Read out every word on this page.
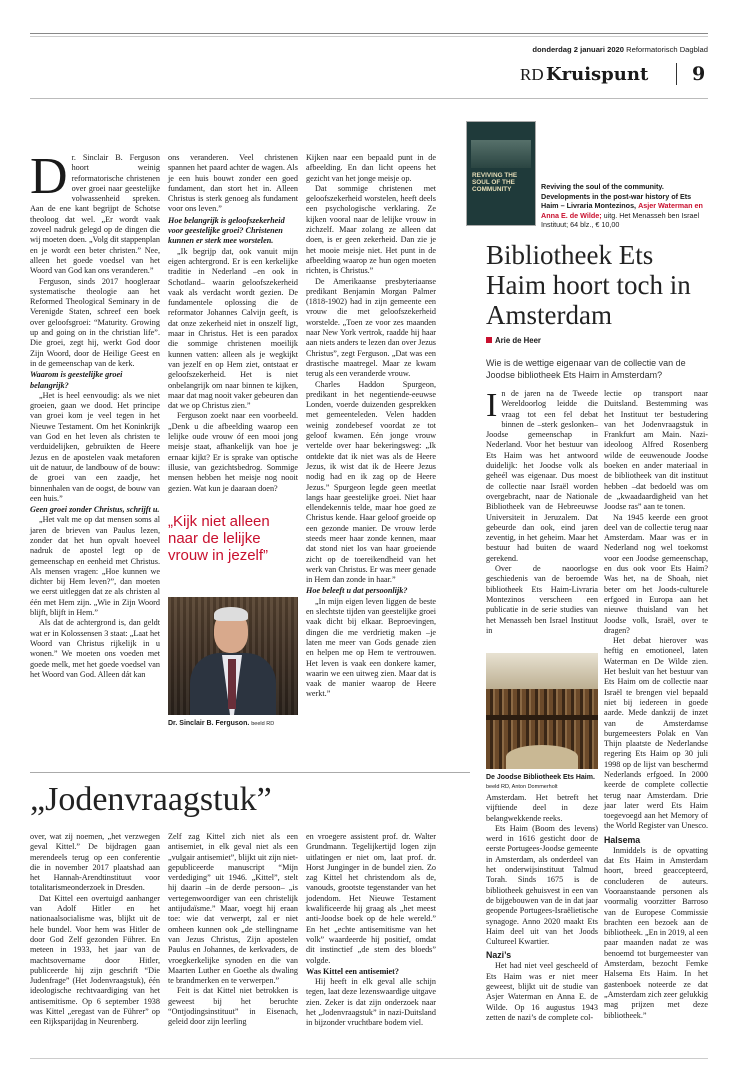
donderdag 2 januari 2020 Reformatorisch Dagblad
RD Kruispunt 9
D r. Sinclair B. Ferguson hoort weinig reformatorische christenen over groei naar geestelijke volwassenheid spreken. Aan de ene kant begrijpt de Schotse theoloog dat wel. „Er wordt vaak zoveel nadruk gelegd op de dingen die wij moeten doen. „Volg dit stappenplan en je wordt een beter christen.” Nee, alleen het goede voedsel van het Woord van God kan ons veranderen.”

Ferguson, sinds 2017 hoogleraar systematische theologie aan het Reformed Theological Seminary in de Verenigde Staten, schreef een boek over geloofsgroei: “Maturity. Growing up and going on in the christian life”. Die groei, zegt hij, werkt God door Zijn Woord, door de Heilige Geest en in de gemeenschap van de kerk.

Waarom is geestelijke groei belangrijk?

„Het is heel eenvoudig: als we niet groeien, gaan we dood. Het principe van groei kom je veel tegen in het Nieuwe Testament. Om het Koninkrijk van God en het leven als christen te verduidelijken, gebruikten de Heere Jezus en de apostelen vaak metaforen uit de natuur, de landbouw of de bouw: de groei van een zaadje, het binnenhalen van de oogst, de bouw van een huis.”

Geen groei zonder Christus, schrijft u.

„Het valt me op dat mensen soms al jaren de brieven van Paulus lezen, zonder dat het hun opvalt hoeveel nadruk de apostel legt op de gemeenschap en eenheid met Christus. Als mensen vragen: „Hoe kunnen we dichter bij Hem leven?”, dan moeten we eerst uitleggen dat ze als christen al één met Hem zijn. „Wie in Zijn Woord blijft, blijft in Hem.”

Als dat de achtergrond is, dan geldt wat er in Kolossensen 3 staat: „Laat het Woord van Christus rijkelijk in u wonen.” We moeten ons voeden met goede melk, met het goede voedsel van het Woord van God. Alleen dát kan

ons veranderen. Veel christenen spannen het paard achter de wagen. Als je een huis bouwt zonder een goed fundament, dan stort het in. Alleen Christus is sterk genoeg als fundament voor ons leven.”

Hoe belangrijk is geloofszekerheid voor geestelijke groei? Christenen kunnen er sterk mee worstelen.

„Ik begrijp dat, ook vanuit mijn eigen achtergrond. Er is een kerkelijke traditie in Nederland –en ook in Schotland– waarin geloofszekerheid vaak als verdacht wordt gezien. De fundamentele oplossing die de reformator Johannes Calvijn geeft, is dat onze zekerheid niet in onszelf ligt, maar in Christus. Het is een paradox die sommige christenen moeilijk kunnen vatten: alleen als je wegkijkt van jezelf en op Hem ziet, ontstaat er geloofszekerheid. Het is niet onbelangrijk om naar binnen te kijken, maar dat mag nooit vaker gebeuren dan dat we op Christus zien.”

Ferguson zoekt naar een voorbeeld. „Denk u die afbeelding waarop een lelijke oude vrouw óf een mooi jong meisje staat, afhankelijk van hoe je ernaar kijkt? Er is sprake van optische illusie, van gezichtsbedrog. Sommige mensen hebben het meisje nog nooit gezien. Wat kun je daaraan doen?

„Kijk niet alleen naar de lelijke vrouw in jezelf”
Dr. Sinclair B. Ferguson. beeld RD

Kijken naar een bepaald punt in de afbeelding. En dan licht opeens het gezicht van het jonge meisje op.

Dat sommige christenen met geloofszekerheid worstelen, heeft deels een psychologische verklaring. Ze kijken vooral naar de lelijke vrouw in zichzelf. Maar zolang ze alleen dat doen, is er geen zekerheid. Dan zie je het mooie meisje niet. Het punt in de afbeelding waarop ze hun ogen moeten richten, is Christus.”

De Amerikaanse presbyteriaanse predikant Benjamin Morgan Palmer (1818-1902) had in zijn gemeente een vrouw die met geloofszekerheid worstelde. „Toen ze voor zes maanden naar New York vertrok, raadde hij haar aan niets anders te lezen dan over Jezus Christus”, zegt Ferguson. „Dat was een drastische maatregel. Maar ze kwam terug als een veranderde vrouw.

Charles Haddon Spurgeon, predikant in het negentiende-eeuwse Londen, voerde duizenden gesprekken met gemeenteleden. Velen hadden weinig zondebesef voordat ze tot geloof kwamen. Eén jonge vrouw vertelde over haar bekeringsweg: „Ik ontdekte dat ik niet was als de Heere Jezus, ik wist dat ik de Heere Jezus nodig had en ik zag op de Heere Jezus.” Spurgeon legde geen meetlat langs haar geestelijke groei. Niet haar ellendekennis telde, maar hoe goed ze Christus kende. Haar geloof groeide op een gezonde manier. De vrouw lerde steeds meer haar zonde kennen, maar dat stond niet los van haar groeiende zicht op de toereikendheid van het werk van Christus. Er was meer genade in Hem dan zonde in haar.”

Hoe beleeft u dat persoonlijk?

„In mijn eigen leven liggen de beste en slechtste tijden van geestelijke groei vaak dicht bij elkaar. Beproevingen, dingen die me verdrietig maken –je laten me meer van Gods genade zien en helpen me op Hem te vertrouwen. Het leven is vaak een donkere kamer, waarin we een uitweg zien. Maar dat is vaak de manier waarop de Heere werkt.”

REVIVING THE SOUL OF THE COMMUNITY	Reviving the soul of the community. Developments in the post-war history of Ets Haim – Livraria Montezinos, Asjer Waterman en Anna E. de Wilde; uitg. Het Menasseh ben Israel Instituut; 64 blz., € 10,00
Bibliotheek Ets Haim hoort toch in Amsterdam
Arie de Heer
Wie is de wettige eigenaar van de collectie van de Joodse bibliotheek Ets Haim in Amsterdam?
I n de jaren na de Tweede Wereldoorlog leidde die vraag tot een fel debat binnen de –sterk geslonken– Joodse gemeenschap in Nederland. Voor het bestuur van Ets Haim was het antwoord duidelijk: het Joodse volk als geheél was eigenaar. Dus moest de collectie naar Israël worden overgebracht, naar de Nationale Bibliotheek van de Hebreeuwse Universiteit in Jeruzalem. Dat gebeurde dan ook, eind jaren zeventig, in het geheim. Maar het bestuur had buiten de waard gerekend.

Over de naoorlogse geschiedenis van de beroemde bibliotheek Ets Haim-Livraria Montezinos verscheen een publicatie in de serie studies van het Menasseh ben Israel Instituut in

De Joodse Bibliotheek Ets Haim. beeld RD, Anton Dommerholt

Amsterdam. Het betreft het vijftiende deel in deze belangwekkende reeks.

Ets Haim (Boom des levens) werd in 1616 gesticht door de eerste Portugees-Joodse gemeente in Amsterdam, als onderdeel van het onderwijsinstituut Talmud Torah. Sinds 1675 is de bibliotheek gehuisvest in een van de bijgebouwen van de in dat jaar geopende Portugees-Israëlietische synagoge. Anno 2020 maakt Ets Haim deel uit van het Joods Cultureel Kwartier.

Nazi’s

Het had niet veel gescheeld of Ets Haim was er niet meer geweest, blijkt uit de studie van Asjer Waterman en Anna E. de Wilde. Op 16 augustus 1943 zetten de nazi’s de complete col-

lectie op transport naar Duitsland. Bestemming was het Instituut ter bestudering van het Jodenvraagstuk in Frankfurt am Main. Nazi-ideoloog Alfred Rosenberg wilde de eeuwenoude Joodse boeken en ander materiaal in de bibliotheek van dit instituut hebben –dat bedoeld was om de „kwaadaardigheid van het Joodse ras” aan te tonen.

Na 1945 keerde een groot deel van de collectie terug naar Amsterdam. Maar was er in Nederland nog wel toekomst voor een Joodse gemeenschap, en dus ook voor Ets Haim? Was het, na de Shoah, niet beter om het Joods-culturele erfgoed in Europa aan het nieuwe thuisland van het Joodse volk, Israël, over te dragen?

Het debat hierover was heftig en emotioneel, laten Waterman en De Wilde zien. Het besluit van het bestuur van Ets Haim om de collectie naar Israël te brengen viel bepaald niet bij iedereen in goede aarde. Mede dankzij de inzet van de Amsterdamse burgemeesters Polak en Van Thijn plaatste de Nederlandse regering Ets Haim op 30 juli 1998 op de lijst van beschermd Nederlands erfgoed. In 2000 keerde de complete collectie terug naar Amsterdam. Drie jaar later werd Ets Haim toegevoegd aan het Memory of the World Register van Unesco.

Halsema

Inmiddels is de opvatting dat Ets Haim in Amsterdam hoort, breed geaccepteerd, concluderen de auteurs. Vooraanstaande personen als voormalig voorzitter Barroso van de Europese Commissie brachten een bezoek aan de bibliotheek. „En in 2019, al een paar maanden nadat ze was benoemd tot burgemeester van Amsterdam, bezocht Femke Halsema Ets Haim. In het gastenboek noteerde ze dat „Amsterdam zich zeer gelukkig mag prijzen met deze bibliotheek.”

„Jodenvraagstuk”

over, wat zij noemen, „het verzwegen geval Kittel.” De bijdragen gaan merendeels terug op een conferentie die in november 2017 plaatshad aan het Hannah-Arendtinstituut voor totalitarismeonderzoek in Dresden.

Dat Kittel een overtuigd aanhanger van Adolf Hitler en het nationaalsocialisme was, blijkt uit de hele bundel. Voor hem was Hitler de door God Zelf gezonden Führer. En meteen in 1933, het jaar van de machtsovername door Hitler, publiceerde hij zijn geschrift “Die Judenfrage” (Het Jodenvraagstuk), één ideologische rechtvaardiging van het antisemitisme. Op 6 september 1938 was Kittel „eregast van de Führer” op een Rijksparijdag in Neurenberg.

Zelf zag Kittel zich niet als een antisemiet, in elk geval niet als een „vulgair antisemiet”, blijkt uit zijn niet-gepubliceerde manuscript “Mijn verdediging” uit 1946. „Kittel”, stelt hij daarin –in de derde persoon– „is vertegenwoordiger van een christelijk antijudaïsme.” Maar, voegt hij eraan toe: wie dat verwerpt, zal er niet omheen kunnen ook „de stellingname van Jezus Christus, Zijn apostelen Paulus en Johannes, de kerkvaders, de vroegkerkelijke synoden en die van Maarten Luther en Goethe als dwaling te brandmerken en te verwerpen.”

Feit is dat Kittel niet betrokken is geweest bij het beruchte “Ontjodingsinstituut” in Eisenach, geleid door zijn leerling

en vroegere assistent prof. dr. Walter Grundmann. Tegelijkertijd logen zijn uitlatingen er niet om, laat prof. dr. Horst Junginger in de bundel zien. Zo zag Kittel het christendom als de, vanouds, grootste tegenstander van het jodendom. Het Nieuwe Testament kwalificeerde hij graag als „het meest anti-Joodse boek op de hele wereld.” En het „echte antisemitisme van het volk” waardeerde hij positief, omdat dit instinctief „de stem des bloeds” volgde.

Was Kittel een antisemiet?

Hij heeft in elk geval alle schijn tegen, laat deze lezenswaardige uitgave zien. Zeker is dat zijn onderzoek naar het „Jodenvraagstuk” in nazi-Duitsland in bijzonder vruchtbare bodem viel.
